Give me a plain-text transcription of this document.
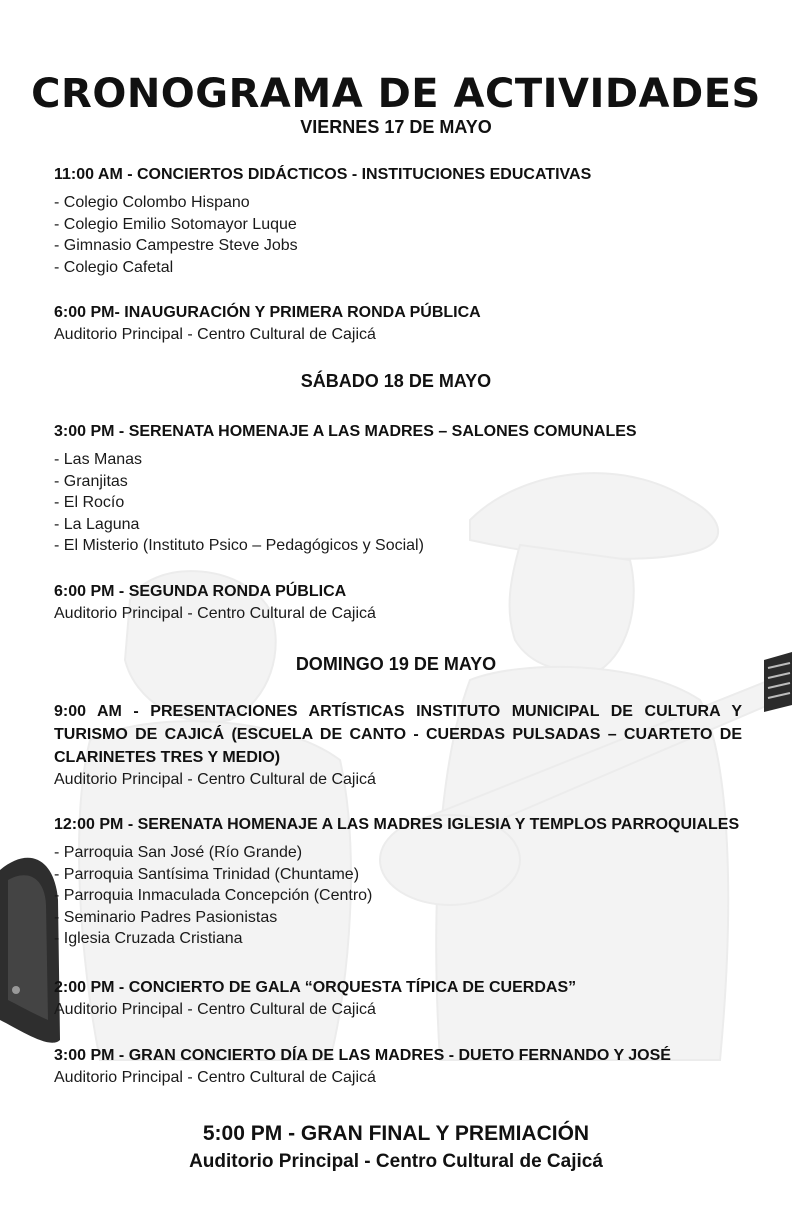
CRONOGRAMA DE ACTIVIDADES
VIERNES 17 DE MAYO

11:00 AM - CONCIERTOS DIDÁCTICOS - INSTITUCIONES EDUCATIVAS

- Colegio Colombo Hispano
- Colegio Emilio Sotomayor Luque
- Gimnasio Campestre Steve Jobs
- Colegio Cafetal

6:00 PM- INAUGURACIÓN Y PRIMERA RONDA PÚBLICA

Auditorio Principal - Centro Cultural de Cajicá

SÁBADO 18 DE MAYO

3:00 PM - SERENATA HOMENAJE A LAS MADRES – SALONES COMUNALES

- Las Manas
- Granjitas
- El Rocío
- La Laguna
- El Misterio (Instituto Psico – Pedagógicos y Social)

6:00 PM - SEGUNDA RONDA PÚBLICA

Auditorio Principal - Centro Cultural de Cajicá

DOMINGO 19 DE MAYO

9:00 AM - PRESENTACIONES ARTÍSTICAS INSTITUTO MUNICIPAL DE CULTURA Y TURISMO DE CAJICÁ (ESCUELA DE CANTO - CUERDAS PULSADAS – CUARTETO DE CLARINETES TRES Y MEDIO)

Auditorio Principal - Centro Cultural de Cajicá

12:00 PM - SERENATA HOMENAJE A LAS MADRES IGLESIA Y TEMPLOS PARROQUIALES

- Parroquia San José (Río Grande)
- Parroquia Santísima Trinidad (Chuntame)
- Parroquia Inmaculada Concepción (Centro)
- Seminario Padres Pasionistas
- Iglesia Cruzada Cristiana

2:00 PM - CONCIERTO DE GALA “ORQUESTA TÍPICA DE CUERDAS”

Auditorio Principal - Centro Cultural de Cajicá

3:00 PM - GRAN CONCIERTO DÍA DE LAS MADRES - DUETO FERNANDO Y JOSÉ

Auditorio Principal - Centro Cultural de Cajicá

5:00 PM - GRAN FINAL Y PREMIACIÓN

Auditorio Principal - Centro Cultural de Cajicá
